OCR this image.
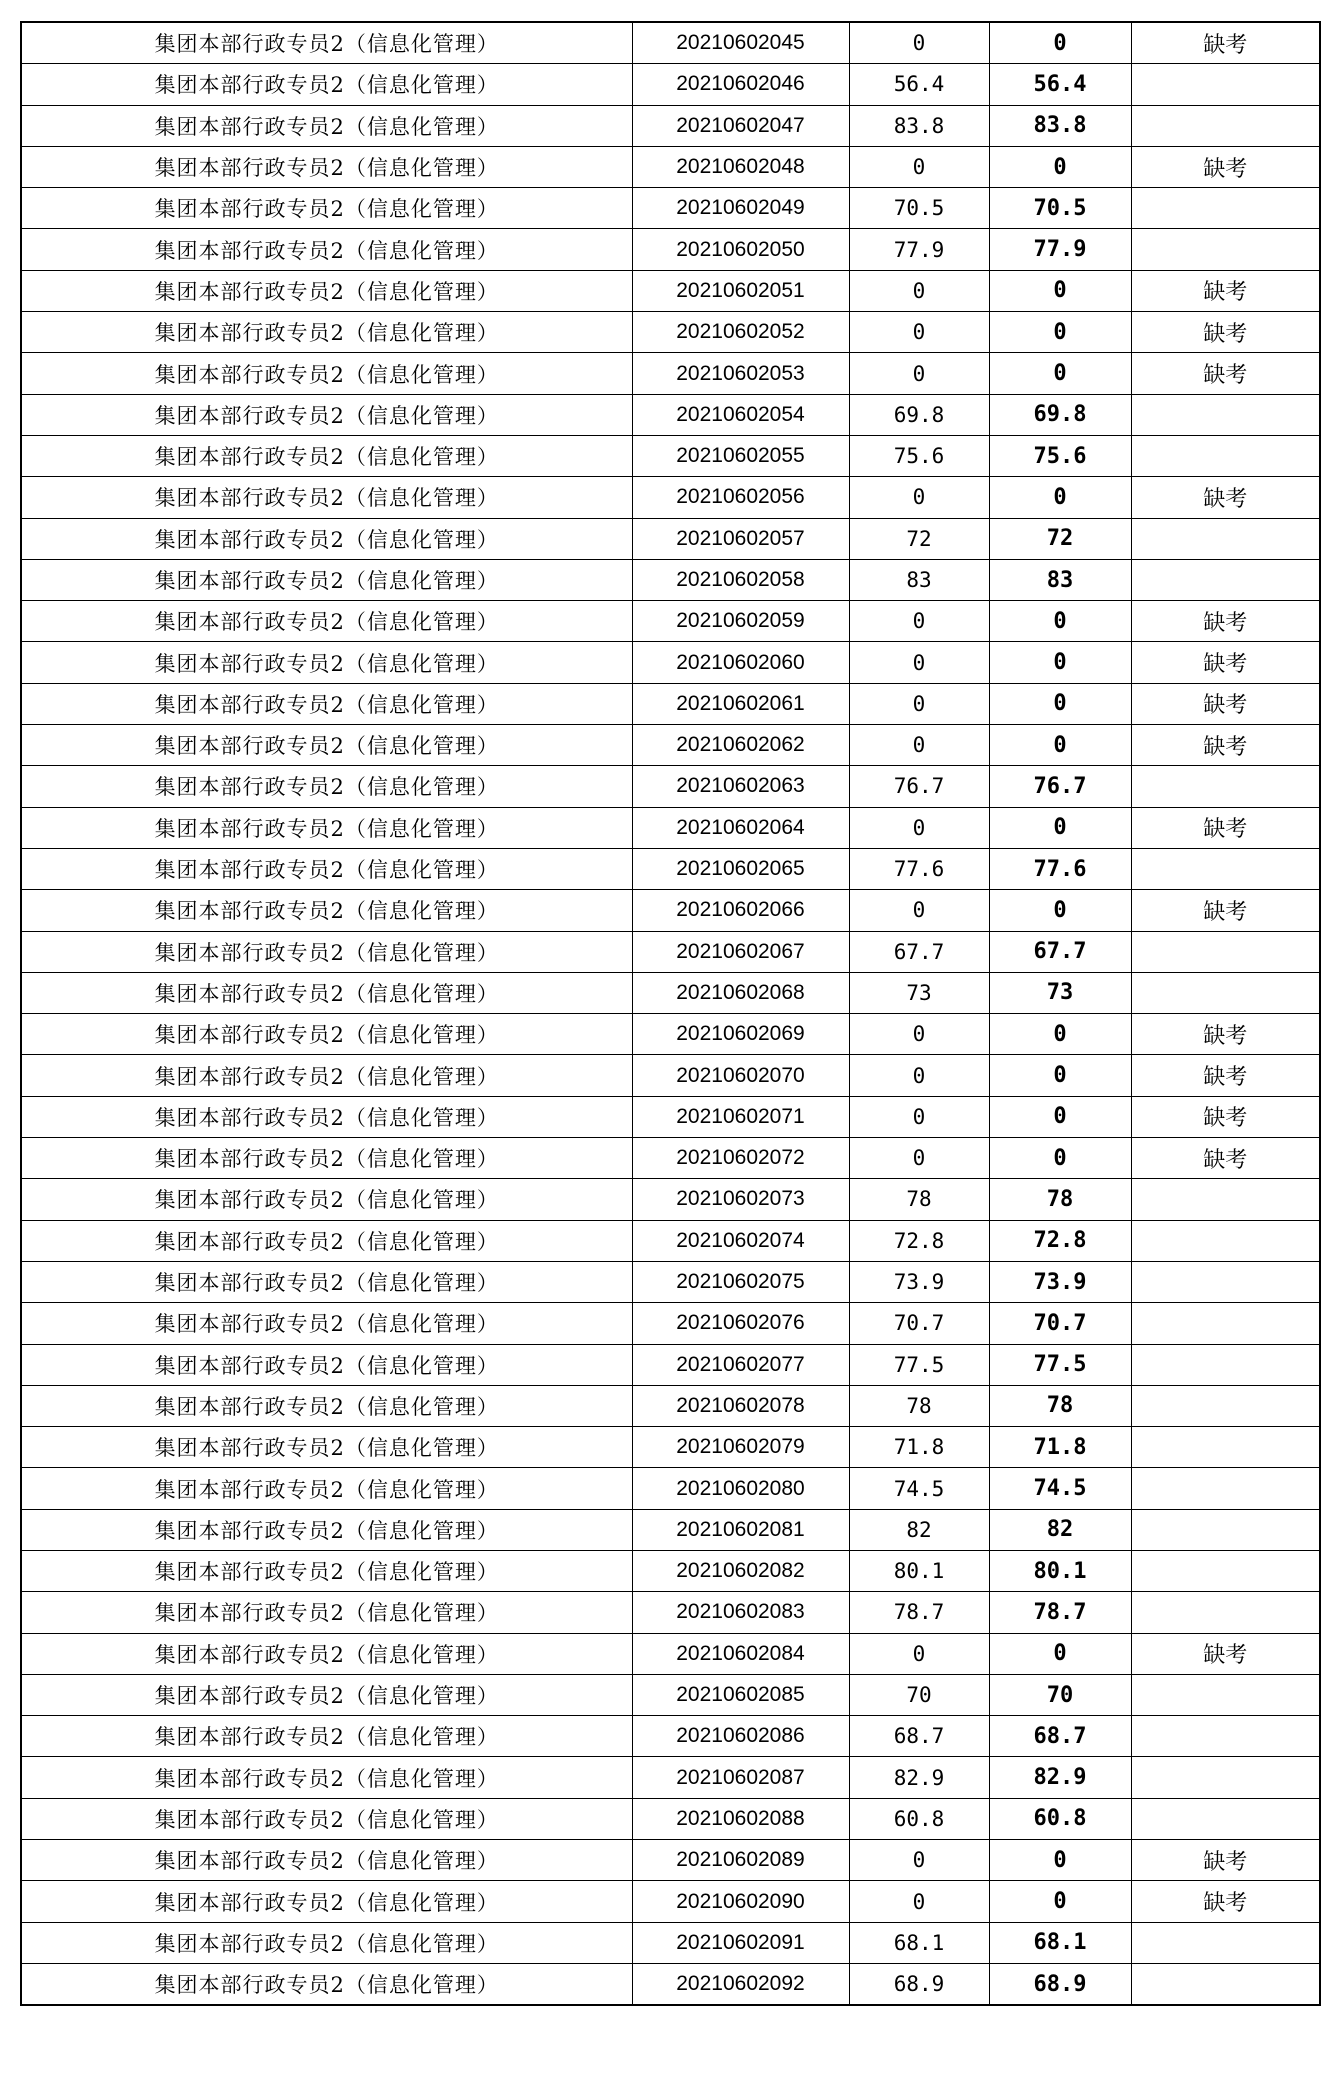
集团本部行政专员2（信息化管理）	20210602045	0	0	缺考
集团本部行政专员2（信息化管理）	20210602046	56.4	56.4	
集团本部行政专员2（信息化管理）	20210602047	83.8	83.8	
集团本部行政专员2（信息化管理）	20210602048	0	0	缺考
集团本部行政专员2（信息化管理）	20210602049	70.5	70.5	
集团本部行政专员2（信息化管理）	20210602050	77.9	77.9	
集团本部行政专员2（信息化管理）	20210602051	0	0	缺考
集团本部行政专员2（信息化管理）	20210602052	0	0	缺考
集团本部行政专员2（信息化管理）	20210602053	0	0	缺考
集团本部行政专员2（信息化管理）	20210602054	69.8	69.8	
集团本部行政专员2（信息化管理）	20210602055	75.6	75.6	
集团本部行政专员2（信息化管理）	20210602056	0	0	缺考
集团本部行政专员2（信息化管理）	20210602057	72	72	
集团本部行政专员2（信息化管理）	20210602058	83	83	
集团本部行政专员2（信息化管理）	20210602059	0	0	缺考
集团本部行政专员2（信息化管理）	20210602060	0	0	缺考
集团本部行政专员2（信息化管理）	20210602061	0	0	缺考
集团本部行政专员2（信息化管理）	20210602062	0	0	缺考
集团本部行政专员2（信息化管理）	20210602063	76.7	76.7	
集团本部行政专员2（信息化管理）	20210602064	0	0	缺考
集团本部行政专员2（信息化管理）	20210602065	77.6	77.6	
集团本部行政专员2（信息化管理）	20210602066	0	0	缺考
集团本部行政专员2（信息化管理）	20210602067	67.7	67.7	
集团本部行政专员2（信息化管理）	20210602068	73	73	
集团本部行政专员2（信息化管理）	20210602069	0	0	缺考
集团本部行政专员2（信息化管理）	20210602070	0	0	缺考
集团本部行政专员2（信息化管理）	20210602071	0	0	缺考
集团本部行政专员2（信息化管理）	20210602072	0	0	缺考
集团本部行政专员2（信息化管理）	20210602073	78	78	
集团本部行政专员2（信息化管理）	20210602074	72.8	72.8	
集团本部行政专员2（信息化管理）	20210602075	73.9	73.9	
集团本部行政专员2（信息化管理）	20210602076	70.7	70.7	
集团本部行政专员2（信息化管理）	20210602077	77.5	77.5	
集团本部行政专员2（信息化管理）	20210602078	78	78	
集团本部行政专员2（信息化管理）	20210602079	71.8	71.8	
集团本部行政专员2（信息化管理）	20210602080	74.5	74.5	
集团本部行政专员2（信息化管理）	20210602081	82	82	
集团本部行政专员2（信息化管理）	20210602082	80.1	80.1	
集团本部行政专员2（信息化管理）	20210602083	78.7	78.7	
集团本部行政专员2（信息化管理）	20210602084	0	0	缺考
集团本部行政专员2（信息化管理）	20210602085	70	70	
集团本部行政专员2（信息化管理）	20210602086	68.7	68.7	
集团本部行政专员2（信息化管理）	20210602087	82.9	82.9	
集团本部行政专员2（信息化管理）	20210602088	60.8	60.8	
集团本部行政专员2（信息化管理）	20210602089	0	0	缺考
集团本部行政专员2（信息化管理）	20210602090	0	0	缺考
集团本部行政专员2（信息化管理）	20210602091	68.1	68.1	
集团本部行政专员2（信息化管理）	20210602092	68.9	68.9	
